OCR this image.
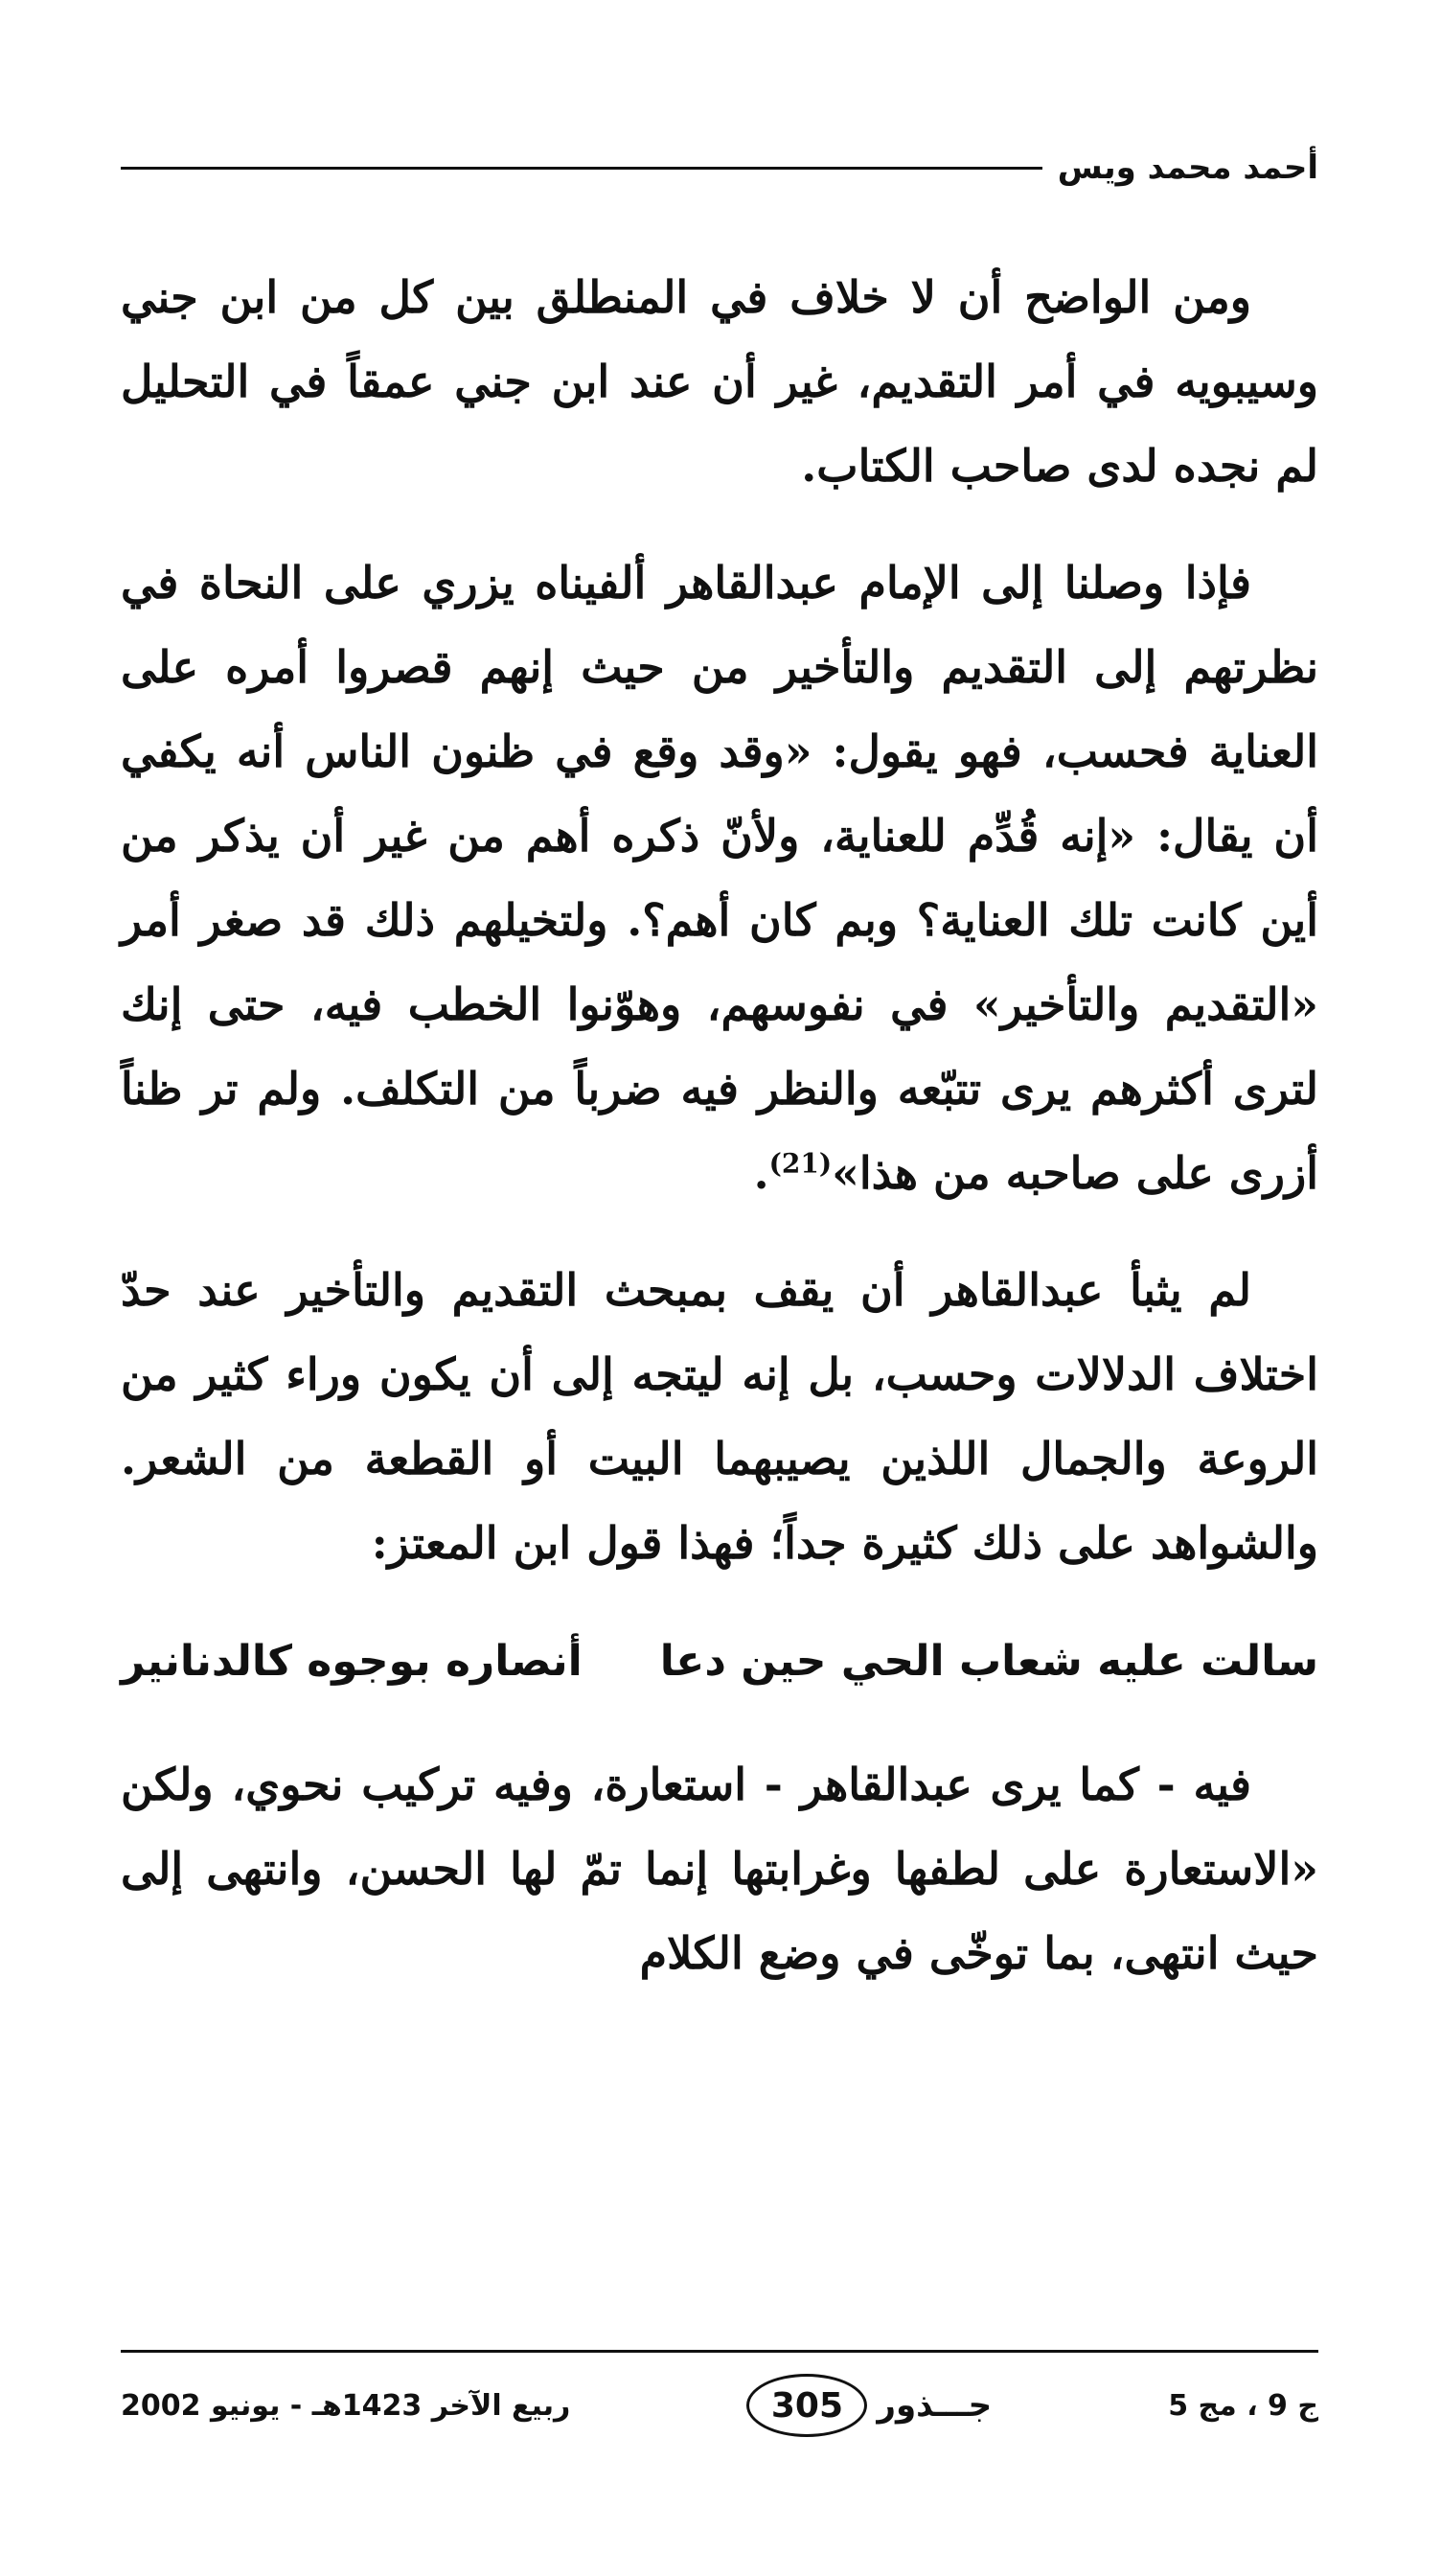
أحمد محمد ويس

ومن الواضح أن لا خلاف في المنطلق بين كل من ابن جني وسيبويه في أمر التقديم، غير أن عند ابن جني عمقاً في التحليل لم نجده لدى صاحب الكتاب.

فإذا وصلنا إلى الإمام عبدالقاهر ألفيناه يزري على النحاة في نظرتهم إلى التقديم والتأخير من حيث إنهم قصروا أمره على العناية فحسب، فهو يقول: «وقد وقع في ظنون الناس أنه يكفي أن يقال: «إنه قُدِّم للعناية، ولأنّ ذكره أهم من غير أن يذكر من أين كانت تلك العناية؟ وبم كان أهم؟. ولتخيلهم ذلك قد صغر أمر «التقديم والتأخير» في نفوسهم، وهوّنوا الخطب فيه، حتى إنك لترى أكثرهم يرى تتبّعه والنظر فيه ضرباً من التكلف. ولم تر ظناً أزرى على صاحبه من هذا»$^{(21)}$.

لم يثبأ عبدالقاهر أن يقف بمبحث التقديم والتأخير عند حدّ اختلاف الدلالات وحسب، بل إنه ليتجه إلى أن يكون وراء كثير من الروعة والجمال اللذين يصيبهما البيت أو القطعة من الشعر. والشواهد على ذلك كثيرة جداً؛ فهذا قول ابن المعتز:

سالت عليه شعاب الحي حين دعا
أنصاره بوجوه كالدنانير

فيه - كما يرى عبدالقاهر - استعارة، وفيه تركيب نحوي، ولكن «الاستعارة على لطفها وغرابتها إنما تمّ لها الحسن، وانتهى إلى حيث انتهى، بما توخّى في وضع الكلام

ج 9 ، مج 5
جـــذور
305
ربيع الآخر 1423هـ - يونيو 2002
